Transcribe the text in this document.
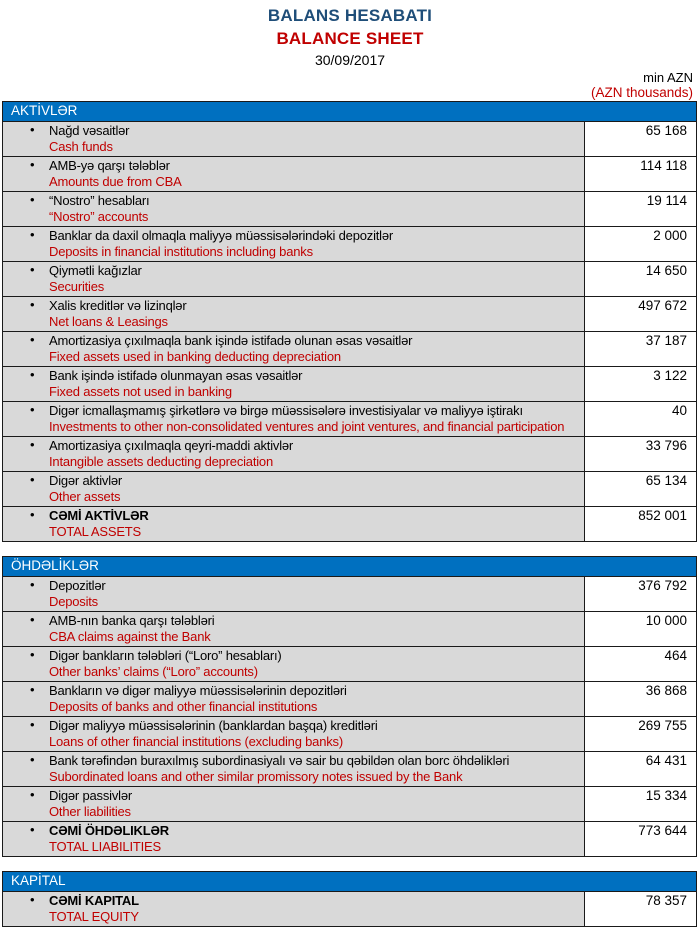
BALANS HESABATI
BALANCE SHEET
30/09/2017
min AZN
(AZN thousands)
AKTİVLƏR
• Nağd vəsaitlər
Cash funds
65 168
• AMB-yə qarşı tələblər
Amounts due from CBA
114 118
• “Nostro” hesabları
“Nostro” accounts
19 114
• Banklar da daxil olmaqla maliyyə müəssisələrindəki depozitlər
Deposits in financial institutions including banks
2 000
• Qiymətli kağızlar
Securities
14 650
• Xalis kreditlər və lizinqlər
Net loans & Leasings
497 672
• Amortizasiya çıxılmaqla bank işində istifadə olunan əsas vəsaitlər
Fixed assets used in banking deducting depreciation
37 187
• Bank işində istifadə olunmayan əsas vəsaitlər
Fixed assets not used in banking
3 122
• Digər icmallaşmamış şirkətlərə və birgə müəssisələrə investisiyalar və maliyyə iştirakı
Investments to other non-consolidated ventures and joint ventures, and financial participation
40
• Amortizasiya çıxılmaqla qeyri-maddi aktivlər
Intangible assets deducting depreciation
33 796
• Digər aktivlər
Other assets
65 134
• CƏMİ AKTİVLƏR
TOTAL ASSETS
852 001
ÖHDƏLİKLƏR
• Depozitlər
Deposits
376 792
• AMB-nın banka qarşı tələbləri
CBA claims against the Bank
10 000
• Digər bankların tələbləri (“Loro” hesabları)
Other banks’ claims (“Loro” accounts)
464
• Bankların və digər maliyyə müəssisələrinin depozitləri
Deposits of banks and other financial institutions
36 868
• Digər maliyyə müəssisələrinin (banklardan başqa) kreditləri
Loans of other financial institutions (excluding banks)
269 755
• Bank tərəfindən buraxılmış subordinasiyalı və sair bu qəbildən olan borc öhdəlikləri
Subordinated loans and other similar promissory notes issued by the Bank
64 431
• Digər passivlər
Other liabilities
15 334
• CƏMİ ÖHDƏLIKLƏR
TOTAL LIABILITIES
773 644
KAPİTAL
• CƏMİ KAPITAL
TOTAL EQUITY
78 357
